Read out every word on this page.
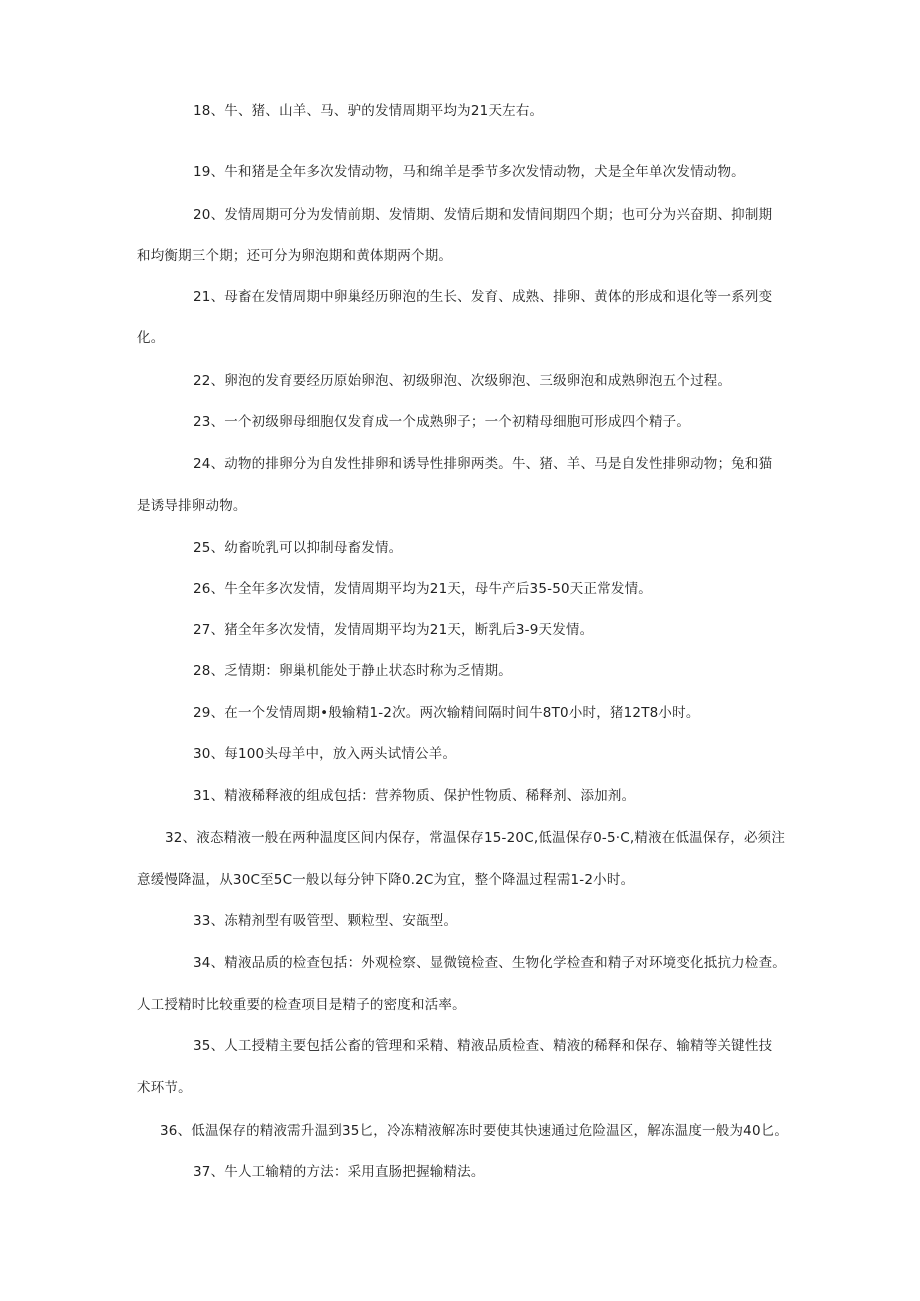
18、牛、猪、山羊、马、驴的发情周期平均为21天左右。
19、牛和猪是全年多次发情动物，马和绵羊是季节多次发情动物，犬是全年单次发情动物。
20、发情周期可分为发情前期、发情期、发情后期和发情间期四个期；也可分为兴奋期、抑制期
和均衡期三个期；还可分为卵泡期和黄体期两个期。
21、母畜在发情周期中卵巢经历卵泡的生长、发育、成熟、排卵、黄体的形成和退化等一系列变
化。
22、卵泡的发育要经历原始卵泡、初级卵泡、次级卵泡、三级卵泡和成熟卵泡五个过程。
23、一个初级卵母细胞仅发育成一个成熟卵子；一个初精母细胞可形成四个精子。
24、动物的排卵分为自发性排卵和诱导性排卵两类。牛、猪、羊、马是自发性排卵动物；兔和猫
是诱导排卵动物。
25、幼畜吮乳可以抑制母畜发情。
26、牛全年多次发情，发情周期平均为21天，母牛产后35-50天正常发情。
27、猪全年多次发情，发情周期平均为21天，断乳后3-9天发情。
28、乏情期：卵巢机能处于静止状态时称为乏情期。
29、在一个发情周期•般输精1-2次。两次输精间隔时间牛8T0小时，猪12T8小时。
30、每100头母羊中，放入两头试情公羊。
31、精液稀释液的组成包括：营养物质、保护性物质、稀释剂、添加剂。
32、液态精液一般在两种温度区间内保存，常温保存15-20C,低温保存0-5·C,精液在低温保存，必须注
意缓慢降温，从30C至5C一般以每分钟下降0.2C为宜，整个降温过程需1-2小时。
33、冻精剂型有吸管型、颗粒型、安瓿型。
34、精液品质的检查包括：外观检察、显微镜检查、生物化学检查和精子对环境变化抵抗力检查。
人工授精时比较重要的检查项目是精子的密度和活率。
35、人工授精主要包括公畜的管理和采精、精液品质检查、精液的稀释和保存、输精等关键性技
术环节。
36、低温保存的精液需升温到35匕，冷冻精液解冻时要使其快速通过危险温区，解冻温度一般为40匕。
37、牛人工输精的方法：采用直肠把握输精法。
